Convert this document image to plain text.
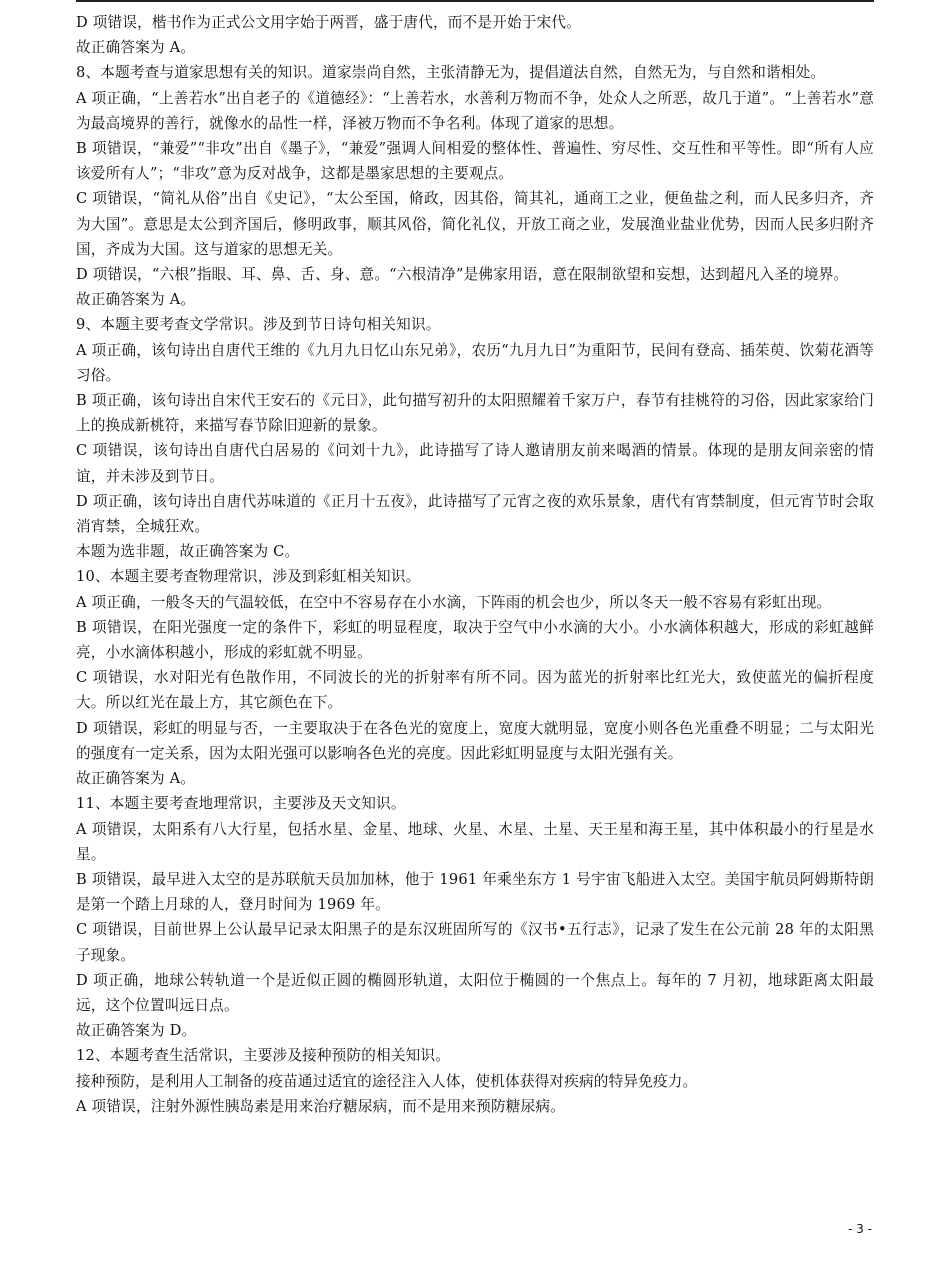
D 项错误，楷书作为正式公文用字始于两晋，盛于唐代，而不是开始于宋代。

故正确答案为 A。

8、本题考查与道家思想有关的知识。道家崇尚自然，主张清静无为，提倡道法自然，自然无为，与自然和谐相处。

A 项正确，“上善若水”出自老子的《道德经》：“上善若水，水善利万物而不争，处众人之所恶，故几于道”。“上善若水”意为最高境界的善行，就像水的品性一样，泽被万物而不争名利。体现了道家的思想。

B 项错误，“兼爱”“非攻”出自《墨子》，“兼爱”强调人间相爱的整体性、普遍性、穷尽性、交互性和平等性。即“所有人应该爱所有人”；“非攻”意为反对战争，这都是墨家思想的主要观点。

C 项错误，“简礼从俗”出自《史记》，“太公至国，脩政，因其俗，简其礼，通商工之业，便鱼盐之利，而人民多归齐，齐为大国”。意思是太公到齐国后，修明政事，顺其风俗，简化礼仪，开放工商之业，发展渔业盐业优势，因而人民多归附齐国，齐成为大国。这与道家的思想无关。

D 项错误，“六根”指眼、耳、鼻、舌、身、意。“六根清净”是佛家用语，意在限制欲望和妄想，达到超凡入圣的境界。

故正确答案为 A。

9、本题主要考查文学常识。涉及到节日诗句相关知识。

A 项正确，该句诗出自唐代王维的《九月九日忆山东兄弟》，农历“九月九日”为重阳节，民间有登高、插茱萸、饮菊花酒等习俗。

B 项正确，该句诗出自宋代王安石的《元日》，此句描写初升的太阳照耀着千家万户，春节有挂桃符的习俗，因此家家给门上的换成新桃符，来描写春节除旧迎新的景象。

C 项错误，该句诗出自唐代白居易的《问刘十九》，此诗描写了诗人邀请朋友前来喝酒的情景。体现的是朋友间亲密的情谊，并未涉及到节日。

D 项正确，该句诗出自唐代苏味道的《正月十五夜》，此诗描写了元宵之夜的欢乐景象，唐代有宵禁制度，但元宵节时会取消宵禁，全城狂欢。

本题为选非题，故正确答案为 C。

10、本题主要考查物理常识，涉及到彩虹相关知识。

A 项正确，一般冬天的气温较低，在空中不容易存在小水滴，下阵雨的机会也少，所以冬天一般不容易有彩虹出现。

B 项错误，在阳光强度一定的条件下，彩虹的明显程度，取决于空气中小水滴的大小。小水滴体积越大，形成的彩虹越鲜亮，小水滴体积越小，形成的彩虹就不明显。

C 项错误，水对阳光有色散作用，不同波长的光的折射率有所不同。因为蓝光的折射率比红光大，致使蓝光的偏折程度大。所以红光在最上方，其它颜色在下。

D 项错误，彩虹的明显与否，一主要取决于在各色光的宽度上，宽度大就明显，宽度小则各色光重叠不明显；二与太阳光的强度有一定关系，因为太阳光强可以影响各色光的亮度。因此彩虹明显度与太阳光强有关。

故正确答案为 A。

11、本题主要考查地理常识，主要涉及天文知识。

A 项错误，太阳系有八大行星，包括水星、金星、地球、火星、木星、土星、天王星和海王星，其中体积最小的行星是水星。

B 项错误，最早进入太空的是苏联航天员加加林，他于 1961 年乘坐东方 1 号宇宙飞船进入太空。美国宇航员阿姆斯特朗是第一个踏上月球的人，登月时间为 1969 年。

C 项错误，目前世界上公认最早记录太阳黑子的是东汉班固所写的《汉书•五行志》，记录了发生在公元前 28 年的太阳黑子现象。

D 项正确，地球公转轨道一个是近似正圆的椭圆形轨道，太阳位于椭圆的一个焦点上。每年的 7 月初，地球距离太阳最远，这个位置叫远日点。

故正确答案为 D。

12、本题考查生活常识，主要涉及接种预防的相关知识。

接种预防，是利用人工制备的疫苗通过适宜的途径注入人体，使机体获得对疾病的特异免疫力。

A 项错误，注射外源性胰岛素是用来治疗糖尿病，而不是用来预防糖尿病。

- 3 -
